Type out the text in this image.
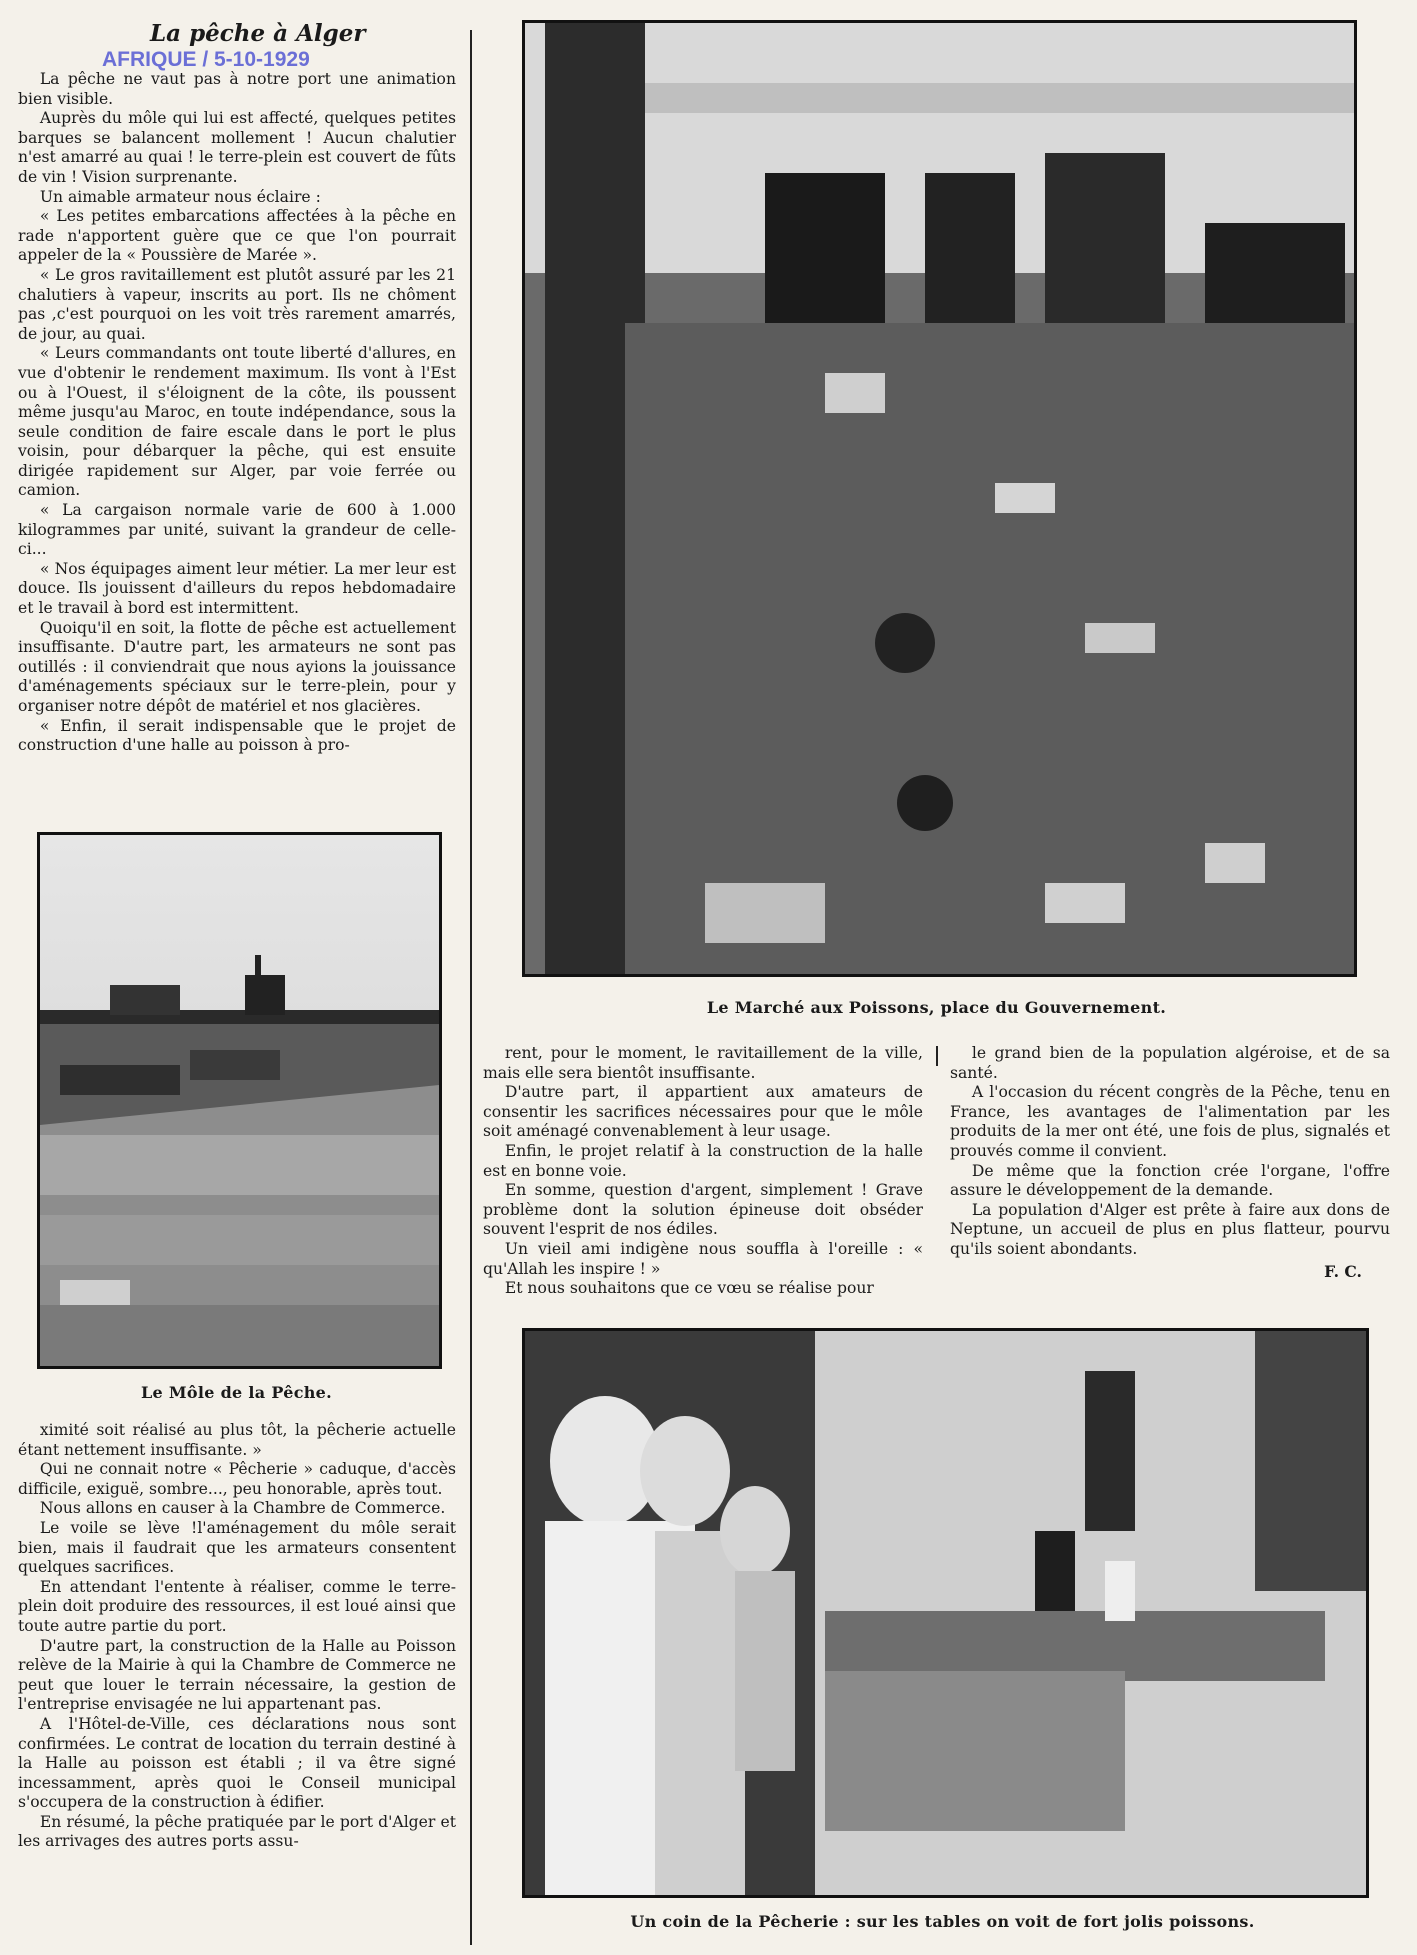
La pêche à Alger
AFRIQUE / 5-10-1929

La pêche ne vaut pas à notre port une animation bien visible.

Auprès du môle qui lui est affecté, quelques petites barques se balancent mollement ! Aucun chalutier n'est amarré au quai ! le terre-plein est couvert de fûts de vin ! Vision surprenante.

Un aimable armateur nous éclaire :

« Les petites embarcations affectées à la pêche en rade n'apportent guère que ce que l'on pourrait appeler de la « Poussière de Marée ».

« Le gros ravitaillement est plutôt assuré par les 21 chalutiers à vapeur, inscrits au port. Ils ne chôment pas ,c'est pourquoi on les voit très rarement amarrés, de jour, au quai.

« Leurs commandants ont toute liberté d'allures, en vue d'obtenir le rendement maximum. Ils vont à l'Est ou à l'Ouest, il s'éloignent de la côte, ils poussent même jusqu'au Maroc, en toute indépendance, sous la seule condition de faire escale dans le port le plus voisin, pour débarquer la pêche, qui est ensuite dirigée rapidement sur Alger, par voie ferrée ou camion.

« La cargaison normale varie de 600 à 1.000 kilogrammes par unité, suivant la grandeur de celle-ci...

« Nos équipages aiment leur métier. La mer leur est douce. Ils jouissent d'ailleurs du repos hebdomadaire et le travail à bord est intermittent.

Quoiqu'il en soit, la flotte de pêche est actuellement insuffisante. D'autre part, les armateurs ne sont pas outillés : il conviendrait que nous ayions la jouissance d'aménagements spéciaux sur le terre-plein, pour y organiser notre dépôt de matériel et nos glacières.

« Enfin, il serait indispensable que le projet de construction d'une halle au poisson à pro-

Le Môle de la Pêche.

ximité soit réalisé au plus tôt, la pêcherie actuelle étant nettement insuffisante. »

Qui ne connait notre « Pêcherie » caduque, d'accès difficile, exiguë, sombre..., peu honorable, après tout.

Nous allons en causer à la Chambre de Commerce.

Le voile se lève !l'aménagement du môle serait bien, mais il faudrait que les armateurs consentent quelques sacrifices.

En attendant l'entente à réaliser, comme le terre-plein doit produire des ressources, il est loué ainsi que toute autre partie du port.

D'autre part, la construction de la Halle au Poisson relève de la Mairie à qui la Chambre de Commerce ne peut que louer le terrain nécessaire, la gestion de l'entreprise envisagée ne lui appartenant pas.

A l'Hôtel-de-Ville, ces déclarations nous sont confirmées. Le contrat de location du terrain destiné à la Halle au poisson est établi ; il va être signé incessamment, après quoi le Conseil municipal s'occupera de la construction à édifier.

En résumé, la pêche pratiquée par le port d'Alger et les arrivages des autres ports assu-

Le Marché aux Poissons, place du Gouvernement.

rent, pour le moment, le ravitaillement de la ville, mais elle sera bientôt insuffisante.

D'autre part, il appartient aux amateurs de consentir les sacrifices nécessaires pour que le môle soit aménagé convenablement à leur usage.

Enfin, le projet relatif à la construction de la halle est en bonne voie.

En somme, question d'argent, simplement ! Grave problème dont la solution épineuse doit obséder souvent l'esprit de nos édiles.

Un vieil ami indigène nous souffla à l'oreille : « qu'Allah les inspire ! »

Et nous souhaitons que ce vœu se réalise pour

le grand bien de la population algéroise, et de sa santé.

A l'occasion du récent congrès de la Pêche, tenu en France, les avantages de l'alimentation par les produits de la mer ont été, une fois de plus, signalés et prouvés comme il convient.

De même que la fonction crée l'organe, l'offre assure le développement de la demande.

La population d'Alger est prête à faire aux dons de Neptune, un accueil de plus en plus flatteur, pourvu qu'ils soient abondants.

F. C.
Un coin de la Pêcherie : sur les tables on voit de fort jolis poissons.
